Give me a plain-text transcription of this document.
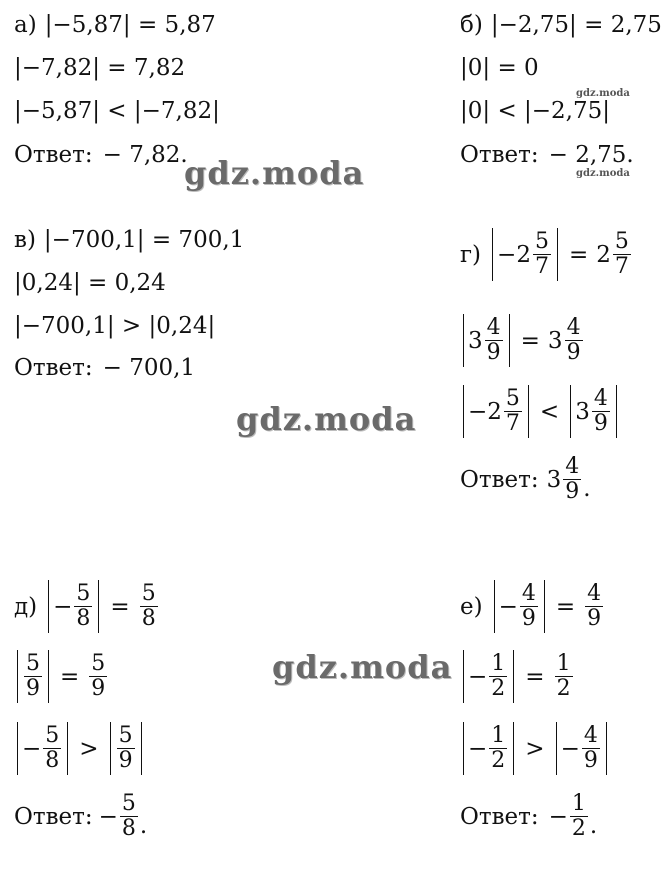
а) |−5,87| = 5,87
|−7,82| = 7,82
|−5,87| < |−7,82|
Ответ: − 7,82.
б) |−2,75| = 2,75
|0| = 0
|0| < |−2,75|
Ответ: − 2,75.
в) |−700,1| = 700,1
|0,24| = 0,24
|−700,1| > |0,24|
Ответ: − 700,1
$г) - 2 \frac{5}{7} = 2 \frac{5}{7}$
$3 \frac{4}{9} = 3 \frac{4}{9}$
− $2 \frac{5}{7} < 3 \frac{4}{9}$
Ответ: $3 \frac{4}{9}$ .
$д) - \frac{5}{8} = \frac{5}{8}$
$\frac{5}{9} = \frac{5}{9}$
− $\frac{5}{8} > \frac{5}{9}$
Ответ: − $\frac{5}{8}$ .
$е) - \frac{4}{9} = \frac{4}{9}$
− $\frac{1}{2} = \frac{1}{2}$
− $\frac{1}{2}$ > − $\frac{4}{9}$
Ответ: − $\frac{1}{2}$ .
gdz.moda
gdz.moda
gdz.moda
gdz.moda
gdz.moda
